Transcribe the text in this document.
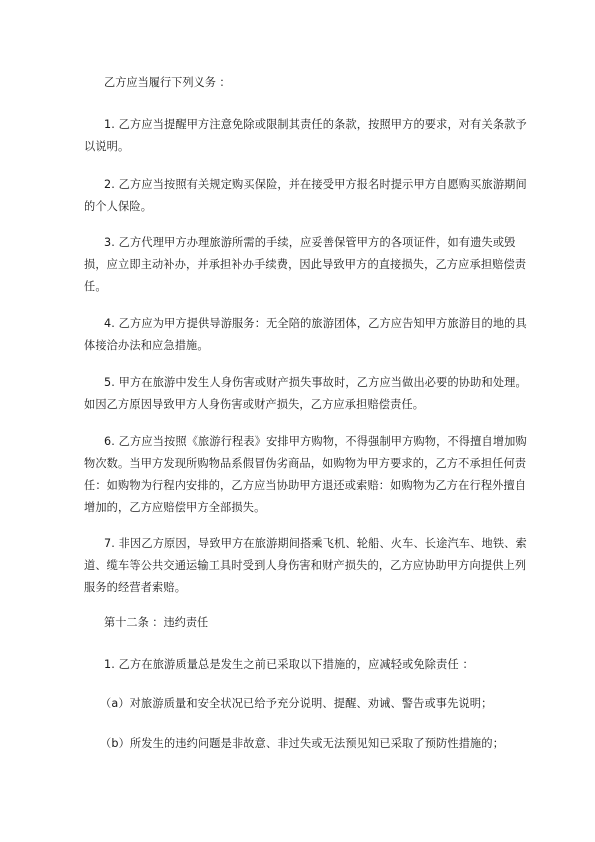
乙方应当履行下列义务 ：
1. 乙方应当提醒甲方注意免除或限制其责任的条款，按照甲方的要求，对有关条款予以说明。
2. 乙方应当按照有关规定购买保险，并在接受甲方报名时提示甲方自愿购买旅游期间的个人保险。
3. 乙方代理甲方办理旅游所需的手续，应妥善保管甲方的各项证件，如有遗失或毁损，应立即主动补办，并承担补办手续费，因此导致甲方的直接损失，乙方应承担赔偿责任。
4. 乙方应为甲方提供导游服务：无全陪的旅游团体，乙方应告知甲方旅游目的地的具体接洽办法和应急措施。
5. 甲方在旅游中发生人身伤害或财产损失事故时，乙方应当做出必要的协助和处理。如因乙方原因导致甲方人身伤害或财产损失，乙方应承担赔偿责任。
6. 乙方应当按照《旅游行程表》安排甲方购物，不得强制甲方购物，不得擅自增加购物次数。当甲方发现所购物品系假冒伪劣商品，如购物为甲方要求的，乙方不承担任何责任：如购物为行程内安排的，乙方应当协助甲方退还或索赔：如购物为乙方在行程外擅自增加的，乙方应赔偿甲方全部损失。
7. 非因乙方原因，导致甲方在旅游期间搭乘飞机、轮船、火车、长途汽车、地铁、索道、缆车等公共交通运输工具时受到人身伤害和财产损失的，乙方应协助甲方向提供上列服务的经营者索赔。
第十二条 ：违约责任
1. 乙方在旅游质量总是发生之前已采取以下措施的，应减轻或免除责任 ：
（a）对旅游质量和安全状况已给予充分说明、提醒、劝诫、警告或事先说明；
（b）所发生的违约问题是非故意、非过失或无法预见知已采取了预防性措施的；
